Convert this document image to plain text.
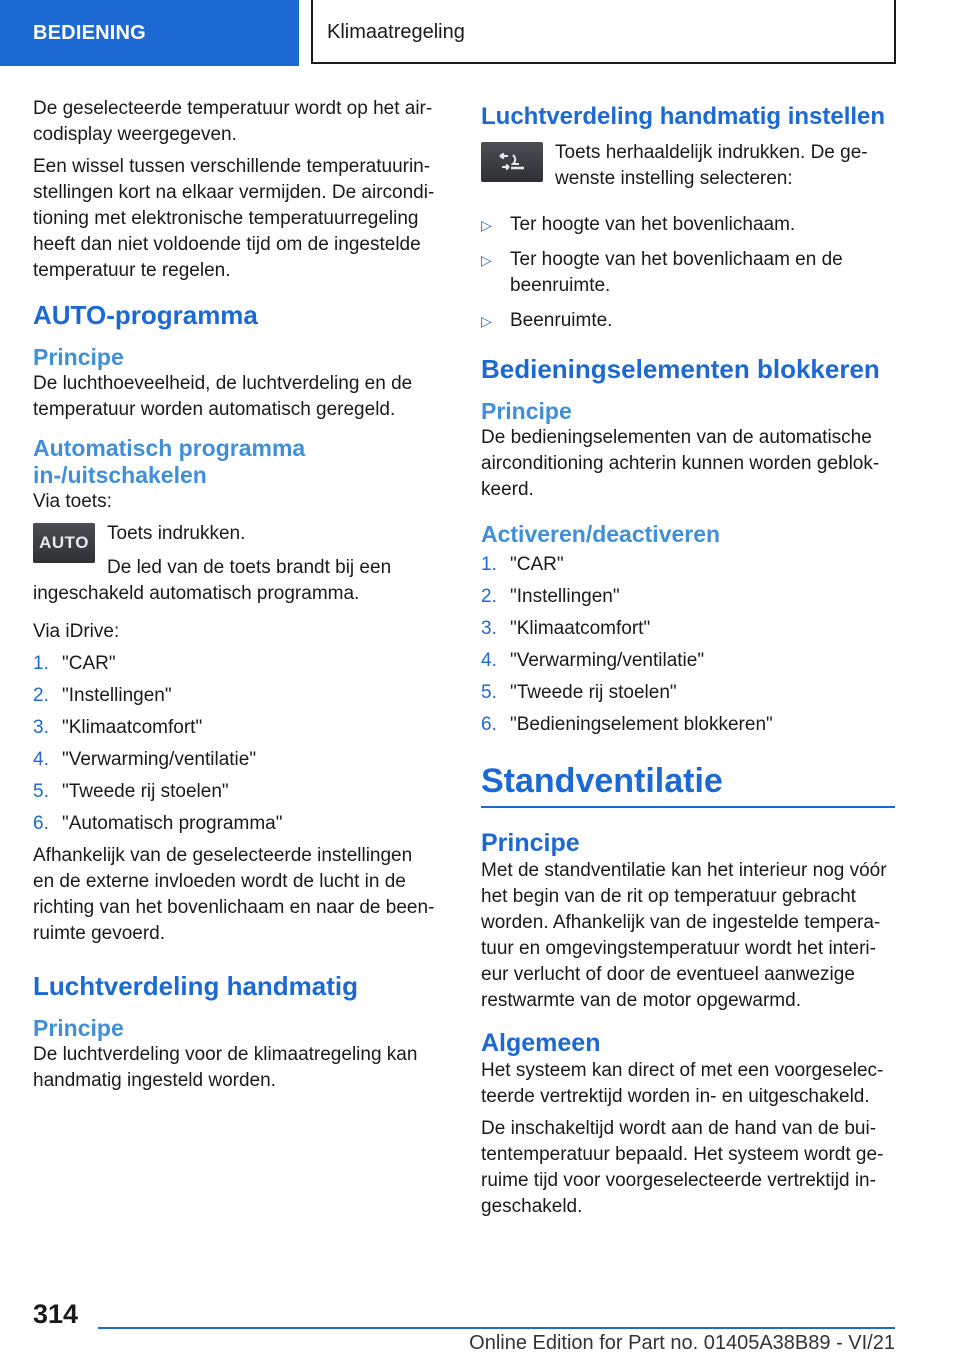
BEDIENING	Klimaatregeling

De geselecteerde temperatuur wordt op het aircodisplay weergegeven.

Een wissel tussen verschillende temperatuurinstellingen kort na elkaar vermijden. De airconditioning met elektronische temperatuurregeling heeft dan niet voldoende tijd om de ingestelde temperatuur te regelen.

AUTO-programma
Principe

De luchthoeveelheid, de luchtverdeling en de temperatuur worden automatisch geregeld.

Automatisch programma in-/uitschakelen

Via toets:

AUTO Toets indrukken.

De led van de toets brandt bij een ingeschakeld automatisch programma.

Via iDrive:

1. "CAR"
2. "Instellingen"
3. "Klimaatcomfort"
4. "Verwarming/ventilatie"
5. "Tweede rij stoelen"
6. "Automatisch programma"

Afhankelijk van de geselecteerde instellingen en de externe invloeden wordt de lucht in de richting van het bovenlichaam en naar de beenruimte gevoerd.

Luchtverdeling handmatig
Principe

De luchtverdeling voor de klimaatregeling kan handmatig ingesteld worden.

Luchtverdeling handmatig instellen

Toets herhaaldelijk indrukken. De gewenste instelling selecteren:

▷ Ter hoogte van het bovenlichaam.
▷ Ter hoogte van het bovenlichaam en de beenruimte.
▷ Beenruimte.
Bedieningselementen blokkeren
Principe

De bedieningselementen van de automatische airconditioning achterin kunnen worden geblokkeerd.

Activeren/deactiveren
1. "CAR"
2. "Instellingen"
3. "Klimaatcomfort"
4. "Verwarming/ventilatie"
5. "Tweede rij stoelen"
6. "Bedieningselement blokkeren"
Standventilatie
Principe

Met de standventilatie kan het interieur nog vóór het begin van de rit op temperatuur gebracht worden. Afhankelijk van de ingestelde temperatuur en omgevingstemperatuur wordt het interieur verlucht of door de eventueel aanwezige restwarmte van de motor opgewarmd.

Algemeen

Het systeem kan direct of met een voorgeselecteerde vertrektijd worden in- en uitgeschakeld.

De inschakeltijd wordt aan de hand van de buitentemperatuur bepaald. Het systeem wordt geruime tijd voor voorgeselecteerde vertrektijd ingeschakeld.

314
Online Edition for Part no. 01405A38B89 - VI/21
